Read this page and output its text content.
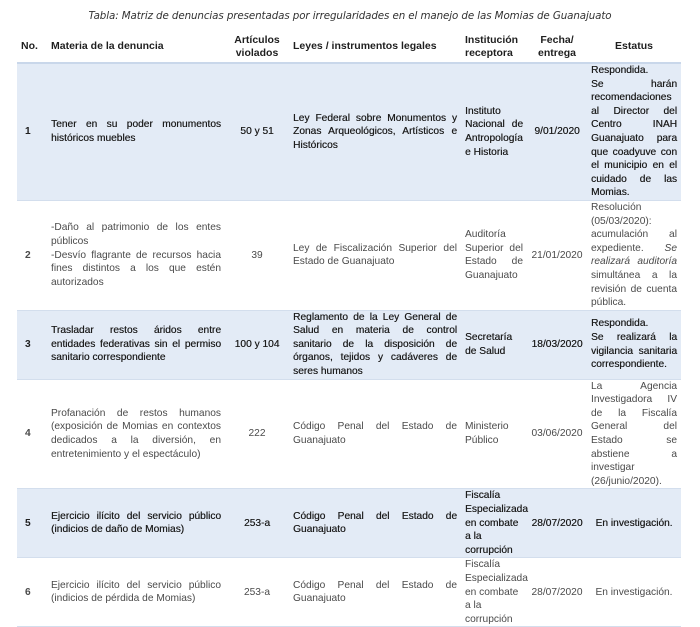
Tabla: Matriz de denuncias presentadas por irregularidades en el manejo de las Momias de Guanajuato
No.	Materia de la denuncia	Artículos violados	Leyes / instrumentos legales	Institución receptora	Fecha/ entrega	Estatus
1	Tener en su poder monumentos históricos muebles	50 y 51	Ley Federal sobre Monumentos y Zonas Arqueológicos, Artísticos e Históricos	Instituto Nacional de Antropología e Historia	9/01/2020	Respondida.
Se harán recomendaciones al Director del Centro INAH Guanajuato para que coadyuve con el municipio en el cuidado de las Momias.

2	-Daño al patrimonio de los entes públicos
-Desvío flagrante de recursos hacia fines distintos a los que estén autorizados	39	Ley de Fiscalización Superior del Estado de Guanajuato	Auditoría Superior del Estado de Guanajuato	21/01/2020	Resolución (05/03/2020): acumulación al expediente. Se realizará auditoría simultánea a la revisión de cuenta pública.
3	Trasladar restos áridos entre entidades federativas sin el permiso sanitario correspondiente	100 y 104	Reglamento de la Ley General de Salud en materia de control sanitario de la disposición de órganos, tejidos y cadáveres de seres humanos	Secretaría de Salud	18/03/2020	Respondida.
Se realizará la vigilancia sanitaria correspondiente.

4	Profanación de restos humanos (exposición de Momias en contextos dedicados a la diversión, en entretenimiento y el espectáculo)	222	Código Penal del Estado de Guanajuato	Ministerio Público	03/06/2020	La Agencia Investigadora IV de la Fiscalía General del Estado se abstiene a investigar (26/junio/2020).
5	Ejercicio ilícito del servicio público (indicios de daño de Momias)	253-a	Código Penal del Estado de Guanajuato	Fiscalía Especializada en combate a la corrupción	28/07/2020	En investigación.
6	Ejercicio ilícito del servicio público (indicios de pérdida de Momias)	253-a	Código Penal del Estado de Guanajuato	Fiscalía Especializada en combate a la corrupción	28/07/2020	En investigación.
